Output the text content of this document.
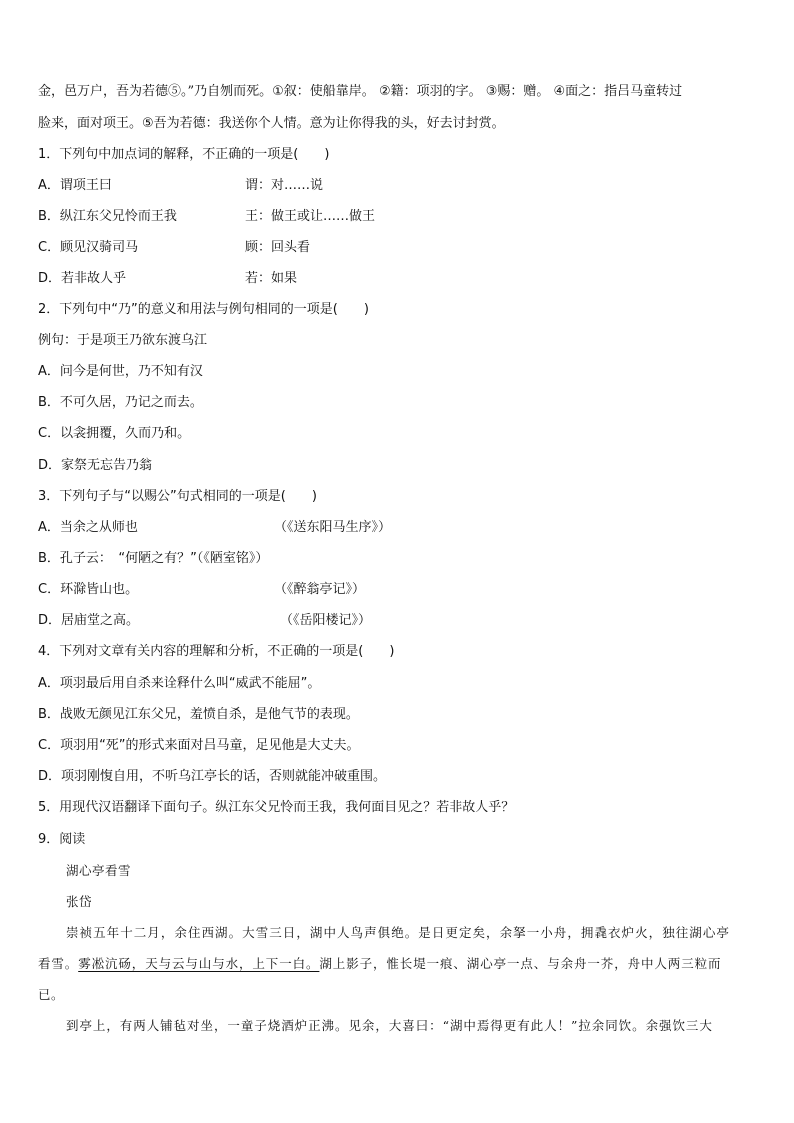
金，邑万户，吾为若德⑤。”乃自刎而死。①叙：使船靠岸。 ②籍：项羽的字。 ③赐：赠。 ④面之：指吕马童转过
脸来，面对项王。⑤吾为若德：我送你个人情。意为让你得我的头，好去讨封赏。
1．下列句中加点词的解释，不正确的一项是(　　)
A．谓项王曰	谓：对……说
B．纵江东父兄怜而王我	王：做王或让……做王
C．顾见汉骑司马	顾：回头看
D．若非故人乎	若：如果
2．下列句中“乃”的意义和用法与例句相同的一项是(　　)
例句：于是项王乃欲东渡乌江
A．问今是何世，乃不知有汉
B．不可久居，乃记之而去。
C．以衾拥覆，久而乃和。
D．家祭无忘告乃翁
3．下列句子与“以赐公”句式相同的一项是(　　)
A．当余之从师也	（《送东阳马生序》）
B．孔子云：　“何陋之有？”（《陋室铭》）
C．环滁皆山也。	（《醉翁亭记》）
D．居庙堂之高。	（《岳阳楼记》）
4．下列对文章有关内容的理解和分析，不正确的一项是(　　)
A．项羽最后用自杀来诠释什么叫“威武不能屈”。
B．战败无颜见江东父兄，羞愤自杀，是他气节的表现。
C．项羽用“死”的形式来面对吕马童，足见他是大丈夫。
D．项羽刚愎自用，不听乌江亭长的话，否则就能冲破重围。
5．用现代汉语翻译下面句子。纵江东父兄怜而王我，我何面目见之？若非故人乎？
9．阅读
湖心亭看雪
张岱
崇祯五年十二月，余住西湖。大雪三日，湖中人鸟声俱绝。是日更定矣，余拏一小舟，拥毳衣炉火，独往湖心亭
看雪。雾凇沆砀，天与云与山与水，上下一白。湖上影子，惟长堤一痕、湖心亭一点、与余舟一芥，舟中人两三粒而
已。
到亭上，有两人铺毡对坐，一童子烧酒炉正沸。见余，大喜曰：“湖中焉得更有此人！”拉余同饮。余强饮三大
